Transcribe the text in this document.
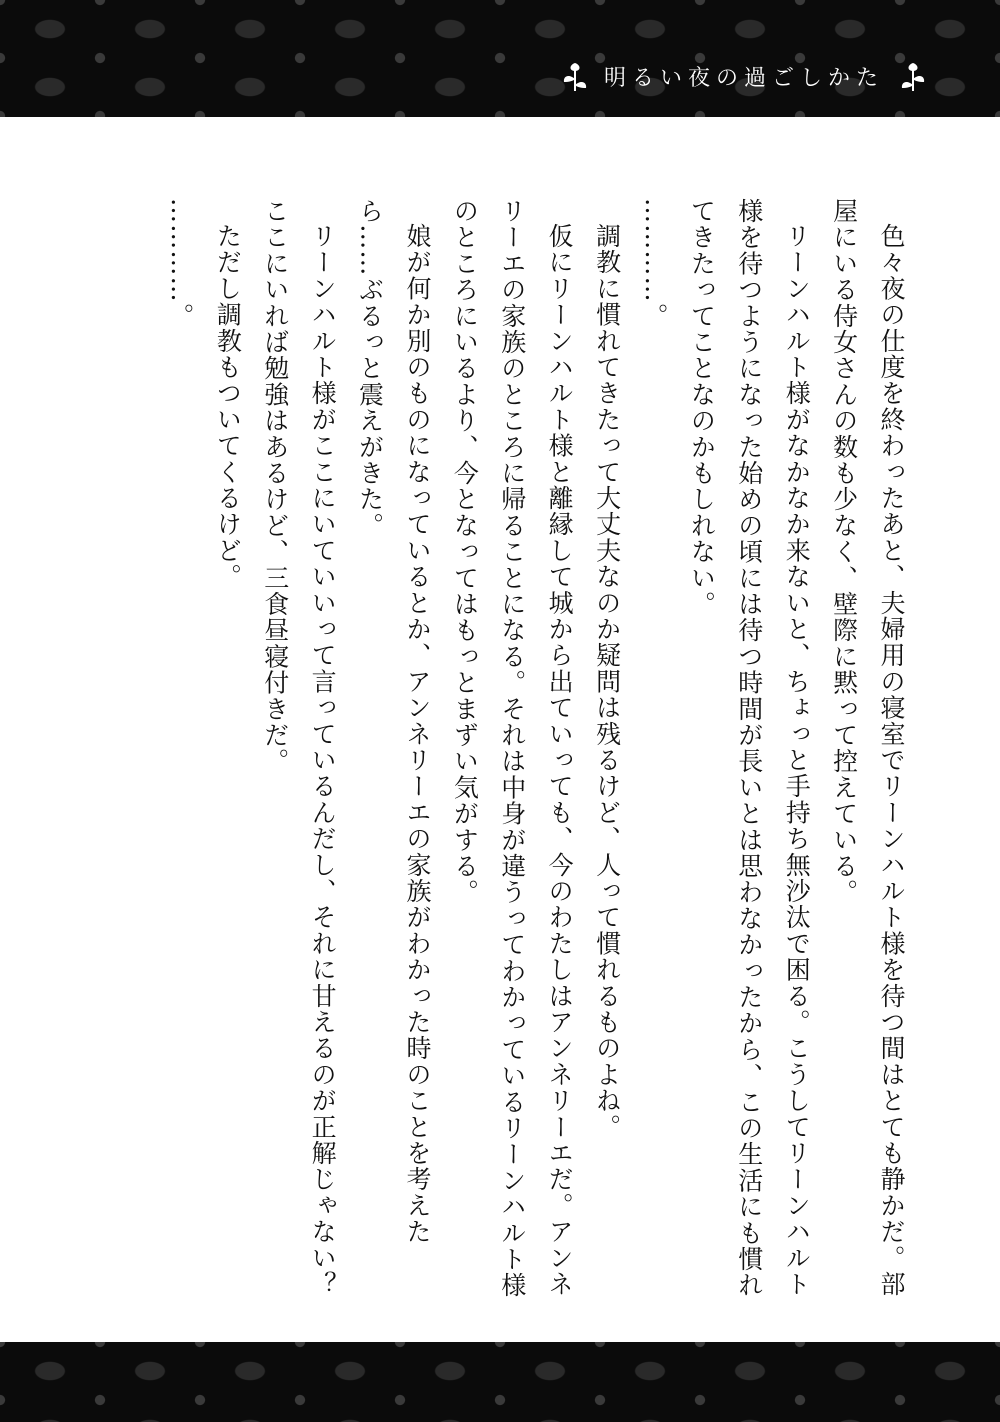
明るい夜の過ごしかた

色々夜の仕度を終わったあと、夫婦用の寝室でリーンハルト様を待つ間はとても静かだ。部屋にいる侍女さんの数も少なく、壁際に黙って控えている。

リーンハルト様がなかなか来ないと、ちょっと手持ち無沙汰で困る。こうしてリーンハルト様を待つようになった始めの頃には待つ時間が長いとは思わなかったから、この生活にも慣れてきたってことなのかもしれない。

…………。

調教に慣れてきたって大丈夫なのか疑問は残るけど、人って慣れるものよね。

仮にリーンハルト様と離縁して城から出ていっても、今のわたしはアンネリーエだ。アンネリーエの家族のところに帰ることになる。それは中身が違うってわかっているリーンハルト様のところにいるより、今となってはもっとまずい気がする。

娘が何か別のものになっているとか、アンネリーエの家族がわかった時のことを考えたら……ぶるっと震えがきた。

リーンハルト様がここにいていいって言っているんだし、それに甘えるのが正解じゃない？　ここにいれば勉強はあるけど、三食昼寝付きだ。

ただし調教もついてくるけど。

…………。
